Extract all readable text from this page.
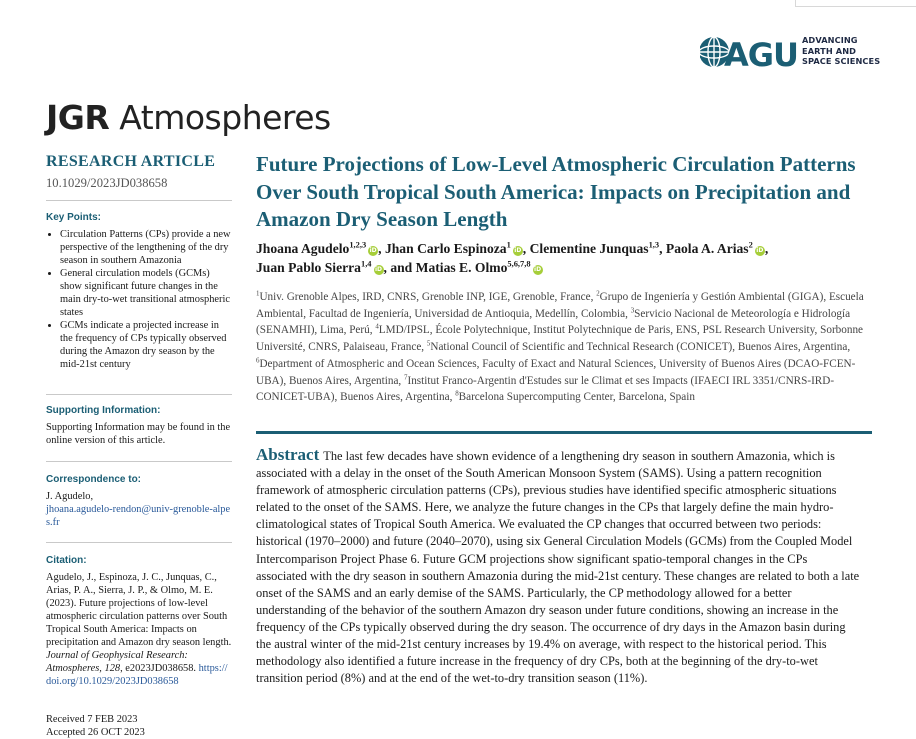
AGU ADVANCING
EARTH AND
SPACE SCIENCES
JGR Atmospheres
RESEARCH ARTICLE
10.1029/2023JD038658
Key Points:
• Circulation Patterns (CPs) provide a new perspective of the lengthening of the dry season in southern Amazonia
• General circulation models (GCMs) show significant future changes in the main dry-to-wet transitional atmospheric states
• GCMs indicate a projected increase in the frequency of CPs typically observed during the Amazon dry season by the mid-21st century
Supporting Information:
Supporting Information may be found in the online version of this article.
Correspondence to:
J. Agudelo,
jhoana.agudelo-rendon@univ-grenoble-alpes.fr
Citation:
Agudelo, J., Espinoza, J. C., Junquas, C., Arias, P. A., Sierra, J. P., & Olmo, M. E. (2023). Future projections of low-level atmospheric circulation patterns over South Tropical South America: Impacts on precipitation and Amazon dry season length. Journal of Geophysical Research: Atmospheres, 128, e2023JD038658. https://doi.org/10.1029/2023JD038658
Received 7 FEB 2023
Accepted 26 OCT 2023
Future Projections of Low-Level Atmospheric Circulation Patterns Over South Tropical South America: Impacts on Precipitation and Amazon Dry Season Length
Jhoana Agudelo$^{1,2,3}$iD, Jhan Carlo Espinoza$^1$iD, Clementine Junquas$^{1,3}$, Paola A. Arias$^2$iD,
Juan Pablo Sierra$^{1,4}$iD, and Matias E. Olmo$^{5,6,7,8}$iD
$^1$Univ. Grenoble Alpes, IRD, CNRS, Grenoble INP, IGE, Grenoble, France, $^2$Grupo de Ingeniería y Gestión Ambiental (GIGA), Escuela Ambiental, Facultad de Ingeniería, Universidad de Antioquia, Medellín, Colombia, $^3$Servicio Nacional de Meteorología e Hidrología (SENAMHI), Lima, Perú, $^4$LMD/IPSL, École Polytechnique, Institut Polytechnique de Paris, ENS, PSL Research University, Sorbonne Université, CNRS, Palaiseau, France, $^5$National Council of Scientific and Technical Research (CONICET), Buenos Aires, Argentina, $^6$Department of Atmospheric and Ocean Sciences, Faculty of Exact and Natural Sciences, University of Buenos Aires (DCAO-FCEN-UBA), Buenos Aires, Argentina, $^7$Institut Franco-Argentin d'Estudes sur le Climat et ses Impacts (IFAECI IRL 3351/CNRS-IRD-CONICET-UBA), Buenos Aires, Argentina, $^8$Barcelona Supercomputing Center, Barcelona, Spain
Abstract The last few decades have shown evidence of a lengthening dry season in southern Amazonia, which is associated with a delay in the onset of the South American Monsoon System (SAMS). Using a pattern recognition framework of atmospheric circulation patterns (CPs), previous studies have identified specific atmospheric situations related to the onset of the SAMS. Here, we analyze the future changes in the CPs that largely define the main hydro-climatological states of Tropical South America. We evaluated the CP changes that occurred between two periods: historical (1970–2000) and future (2040–2070), using six General Circulation Models (GCMs) from the Coupled Model Intercomparison Project Phase 6. Future GCM projections show significant spatio-temporal changes in the CPs associated with the dry season in southern Amazonia during the mid-21st century. These changes are related to both a late onset of the SAMS and an early demise of the SAMS. Particularly, the CP methodology allowed for a better understanding of the behavior of the southern Amazon dry season under future conditions, showing an increase in the frequency of the CPs typically observed during the dry season. The occurrence of dry days in the Amazon basin during the austral winter of the mid-21st century increases by 19.4% on average, with respect to the historical period. This methodology also identified a future increase in the frequency of dry CPs, both at the beginning of the dry-to-wet transition period (8%) and at the end of the wet-to-dry transition season (11%).
